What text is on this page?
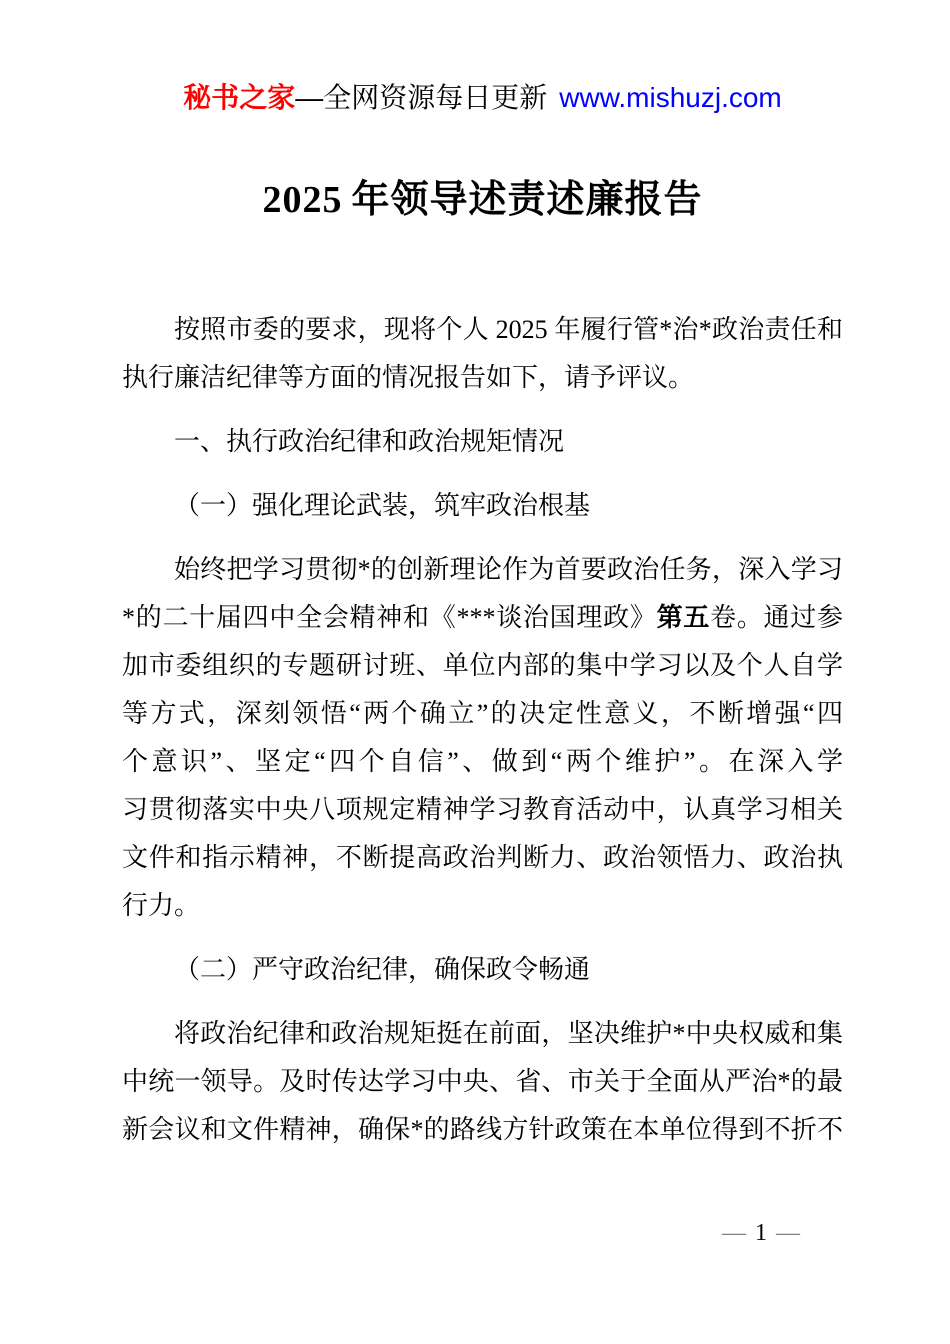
秘书之家—全网资源每日更新 www.mishuzj.com
2025 年领导述责述廉报告
按照市委的要求，现将个人 2025 年履行管*治*政治责任和
执行廉洁纪律等方面的情况报告如下，请予评议。
一、执行政治纪律和政治规矩情况
（一）强化理论武装，筑牢政治根基
始终把学习贯彻*的创新理论作为首要政治任务，深入学习
*的二十届四中全会精神和《***谈治国理政》第五卷。通过参
加市委组织的专题研讨班、单位内部的集中学习以及个人自学
等方式，深刻领悟“两个确立”的决定性意义，不断增强“四
个意识”、坚定“四个自信”、做到“两个维护”。在深入学
习贯彻落实中央八项规定精神学习教育活动中，认真学习相关
文件和指示精神，不断提高政治判断力、政治领悟力、政治执
行力。
（二）严守政治纪律，确保政令畅通
将政治纪律和政治规矩挺在前面，坚决维护*中央权威和集
中统一领导。及时传达学习中央、省、市关于全面从严治*的最
新会议和文件精神，确保*的路线方针政策在本单位得到不折不
— 1 —
